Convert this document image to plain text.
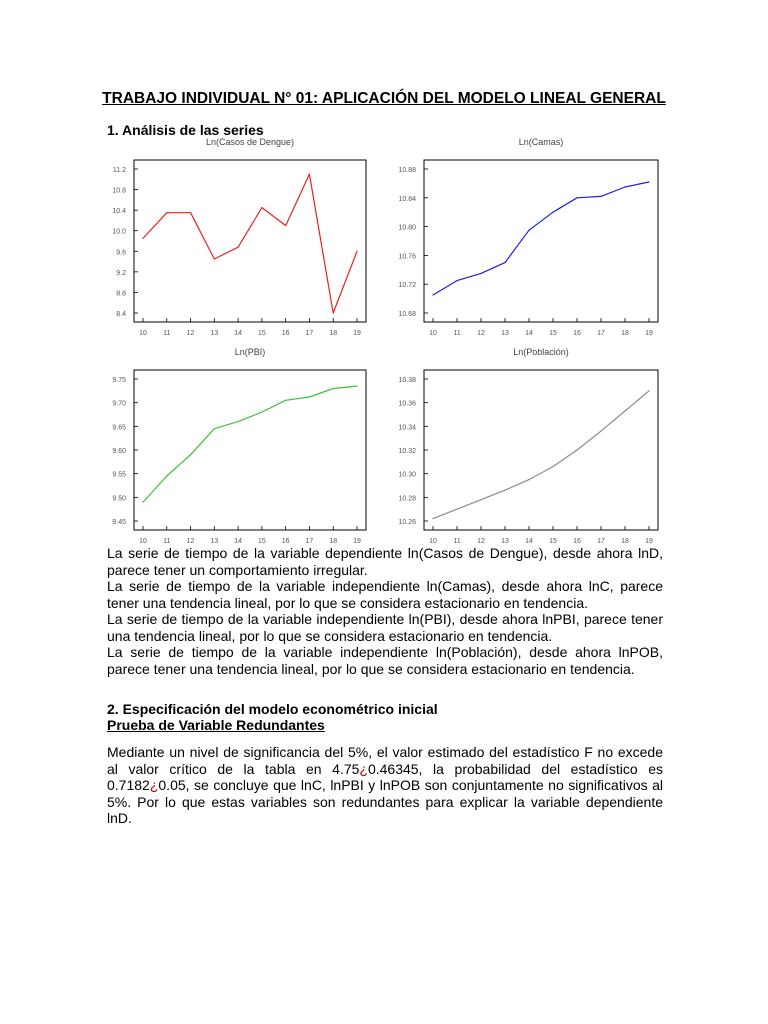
TRABAJO INDIVIDUAL N° 01: APLICACIÓN DEL MODELO LINEAL GENERAL
1. Análisis de las series
Ln(Casos de Dengue)
11.2
10.8
10.4
10.0
9.6
9.2
8.8
8.4
10 11 12 13 14 15 16 17 18 19
Ln(Camas)
10.88
10.84
10.80
10.76
10.72
10.68
10 11 12 13 14 15 16 17 18 19
Ln(PBI)
9.75
9.70
9.65
9.60
9.55
9.50
9.45
10 11 12 13 14 15 16 17 18 19
Ln(Población)
10.38
10.36
10.34
10.32
10.30
10.28
10.26
10 11 12 13 14 15 16 17 18 19

La serie de tiempo de la variable dependiente ln(Casos de Dengue), desde ahora lnD, parece tener un comportamiento irregular.

La serie de tiempo de la variable independiente ln(Camas), desde ahora lnC, parece tener una tendencia lineal, por lo que se considera estacionario en tendencia.

La serie de tiempo de la variable independiente ln(PBI), desde ahora lnPBI, parece tener una tendencia lineal, por lo que se considera estacionario en tendencia.

La serie de tiempo de la variable independiente ln(Población), desde ahora lnPOB, parece tener una tendencia lineal, por lo que se considera estacionario en tendencia.

2. Especificación del modelo econométrico inicial
Prueba de Variable Redundantes

Mediante un nivel de significancia del 5%, el valor estimado del estadístico F no excede al valor crítico de la tabla en 4.75¿0.46345, la probabilidad del estadístico es 0.7182¿0.05, se concluye que lnC, lnPBI y lnPOB son conjuntamente no significativos al 5%. Por lo que estas variables son redundantes para explicar la variable dependiente lnD.
